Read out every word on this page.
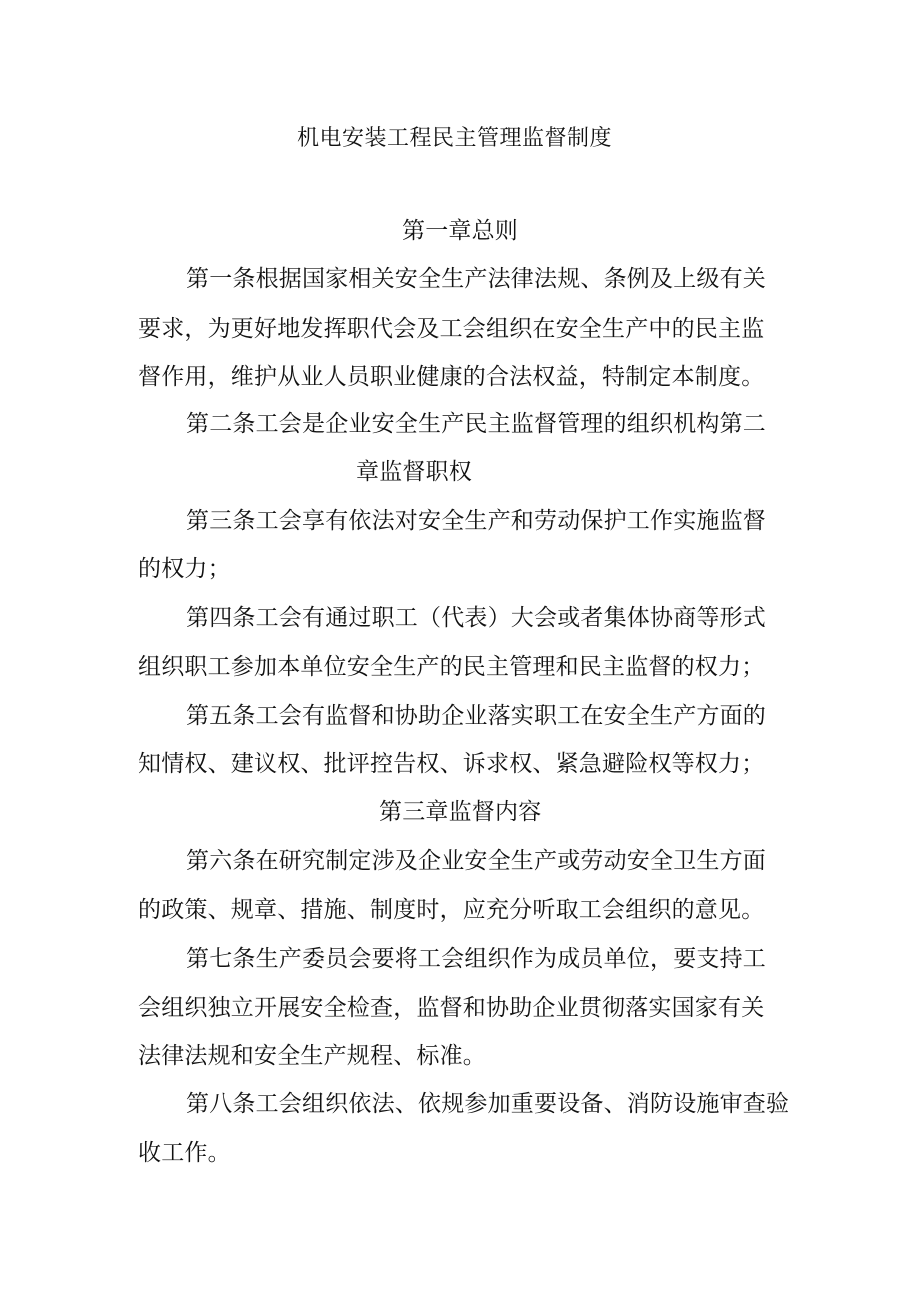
机电安装工程民主管理监督制度
第一章总则
第一条根据国家相关安全生产法律法规、条例及上级有关
要求，为更好地发挥职代会及工会组织在安全生产中的民主监
督作用，维护从业人员职业健康的合法权益，特制定本制度。
第二条工会是企业安全生产民主监督管理的组织机构第二
章监督职权
第三条工会享有依法对安全生产和劳动保护工作实施监督
的权力；
第四条工会有通过职工（代表）大会或者集体协商等形式
组织职工参加本单位安全生产的民主管理和民主监督的权力；
第五条工会有监督和协助企业落实职工在安全生产方面的
知情权、建议权、批评控告权、诉求权、紧急避险权等权力；
第三章监督内容
第六条在研究制定涉及企业安全生产或劳动安全卫生方面
的政策、规章、措施、制度时，应充分听取工会组织的意见。
第七条生产委员会要将工会组织作为成员单位，要支持工
会组织独立开展安全检查，监督和协助企业贯彻落实国家有关
法律法规和安全生产规程、标准。
第八条工会组织依法、依规参加重要设备、消防设施审查验
收工作。
